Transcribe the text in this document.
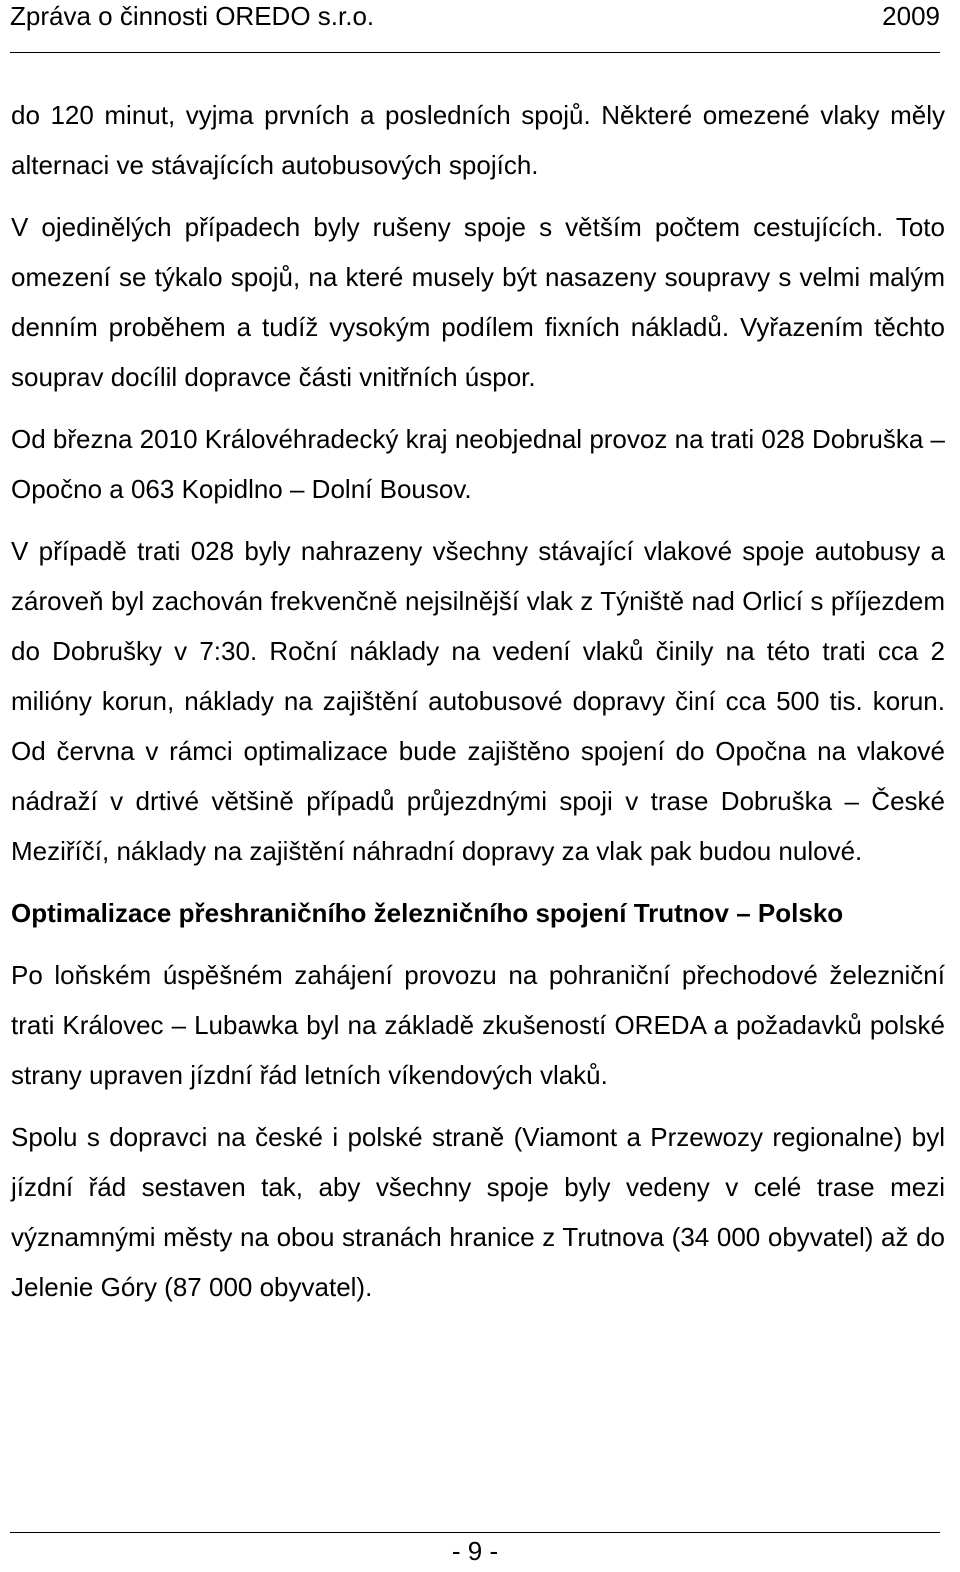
Zpráva o činnosti OREDO s.r.o.	2009

do 120 minut, vyjma prvních a posledních spojů. Některé omezené vlaky měly alternaci ve stávajících autobusových spojích.

V ojedinělých případech byly rušeny spoje s větším počtem cestujících. Toto omezení se týkalo spojů, na které musely být nasazeny soupravy s velmi malým denním proběhem a tudíž vysokým podílem fixních nákladů. Vyřazením těchto souprav docílil dopravce části vnitřních úspor.

Od března 2010 Královéhradecký kraj neobjednal provoz na trati 028 Dobruška – Opočno a 063 Kopidlno – Dolní Bousov.

V případě trati 028 byly nahrazeny všechny stávající vlakové spoje autobusy a zároveň byl zachován frekvenčně nejsilnější vlak z Týniště nad Orlicí s příjezdem do Dobrušky v 7:30. Roční náklady na vedení vlaků činily na této trati cca 2 milióny korun, náklady na zajištění autobusové dopravy činí cca 500 tis. korun. Od června v rámci optimalizace bude zajištěno spojení do Opočna na vlakové nádraží v drtivé většině případů průjezdnými spoji v trase Dobruška – České Meziříčí, náklady na zajištění náhradní dopravy za vlak pak budou nulové.

Optimalizace přeshraničního železničního spojení Trutnov – Polsko

Po loňském úspěšném zahájení provozu na pohraniční přechodové železniční trati Královec – Lubawka byl na základě zkušeností OREDA a požadavků polské strany upraven jízdní řád letních víkendových vlaků.

Spolu s dopravci na české i polské straně (Viamont a Przewozy regionalne) byl jízdní řád sestaven tak, aby všechny spoje byly vedeny v celé trase mezi významnými městy na obou stranách hranice z Trutnova (34 000 obyvatel) až do Jelenie Góry (87 000 obyvatel).

- 9 -
